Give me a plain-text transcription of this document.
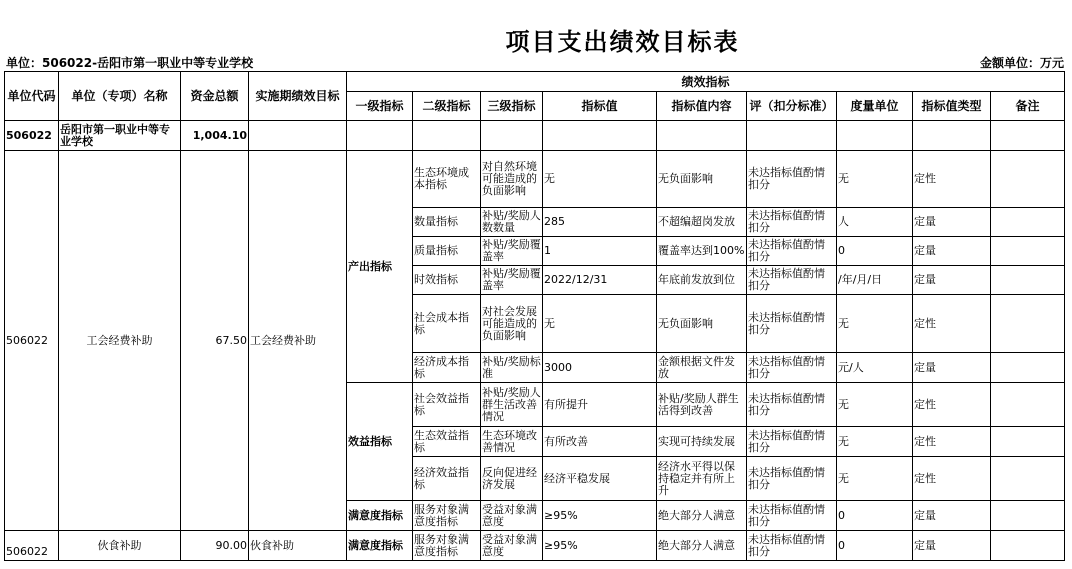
项目支出绩效目标表
单位：506022-岳阳市第一职业中等专业学校	金额单位：万元
单位代码	单位（专项）名称	资金总额	实施期绩效目标	绩效指标								
				一级指标	二级指标	三级指标	指标值	指标值内容	评（扣分标准）	度量单位	指标值类型	备注
506022	岳阳市第一职业中等专业学校	1,004.10										
506022	工会经费补助	67.50	工会经费补助	产出指标	生态环境成本指标	对自然环境可能造成的负面影响	无	无负面影响	未达指标值酌情扣分	无	定性	
					数量指标	补贴/奖励人数数量	285	不超编超岗发放	未达指标值酌情扣分	人	定量	
					质量指标	补贴/奖励覆盖率	1	覆盖率达到100%	未达指标值酌情扣分	0	定量	
					时效指标	补贴/奖励覆盖率	2022/12/31	年底前发放到位	未达指标值酌情扣分	/年/月/日	定量	
					社会成本指标	对社会发展可能造成的负面影响	无	无负面影响	未达指标值酌情扣分	无	定性	
					经济成本指标	补贴/奖励标准	3000	金额根据文件发放	未达指标值酌情扣分	元/人	定量	
				效益指标	社会效益指标	补贴/奖励人群生活改善情况	有所提升	补贴/奖励人群生活得到改善	未达指标值酌情扣分	无	定性	
					生态效益指标	生态环境改善情况	有所改善	实现可持续发展	未达指标值酌情扣分	无	定性	
					经济效益指标	反向促进经济发展	经济平稳发展	经济水平得以保持稳定并有所上升	未达指标值酌情扣分	无	定性	
				满意度指标	服务对象满意度指标	受益对象满意度	≥95%	绝大部分人满意	未达指标值酌情扣分	0	定量	
506022	伙食补助	90.00	伙食补助	满意度指标	服务对象满意度指标	受益对象满意度	≥95%	绝大部分人满意	未达指标值酌情扣分	0	定量	
